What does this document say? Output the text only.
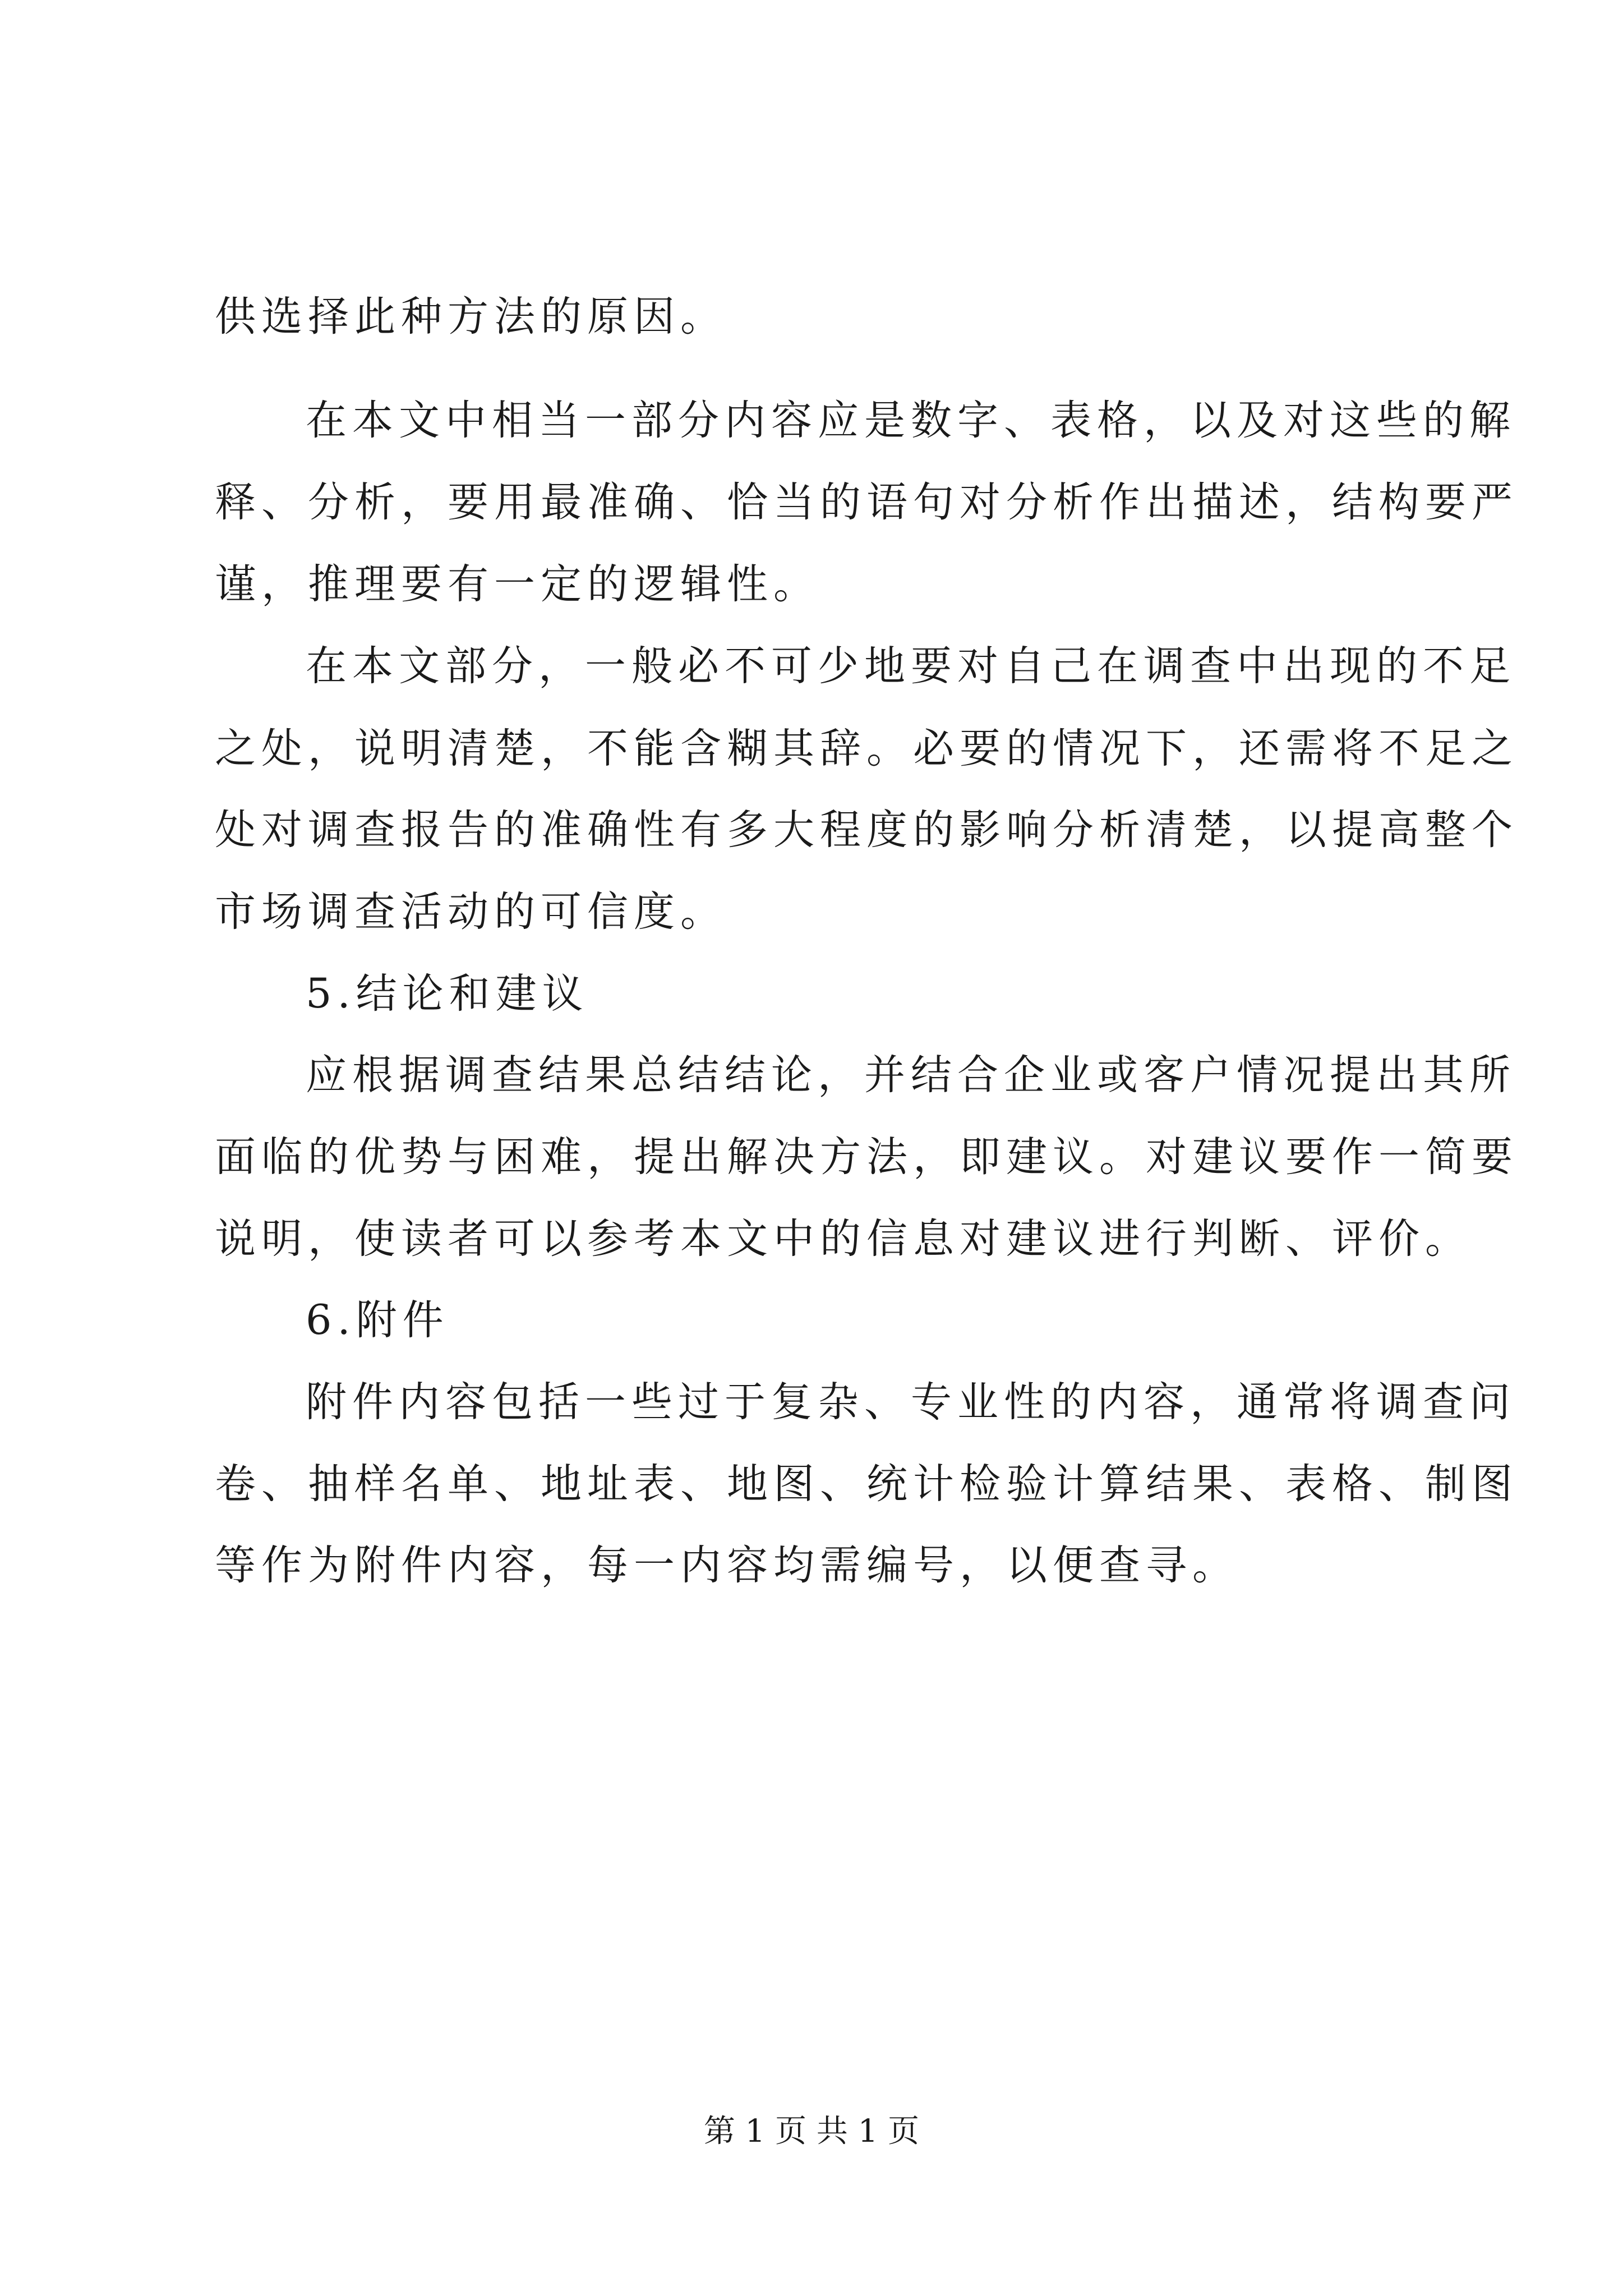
供选择此种方法的原因。
在本文中相当一部分内容应是数字、表格，以及对这些的解
释、分析，要用最准确、恰当的语句对分析作出描述，结构要严
谨，推理要有一定的逻辑性。
在本文部分，一般必不可少地要对自己在调查中出现的不足
之处，说明清楚，不能含糊其辞。必要的情况下，还需将不足之
处对调查报告的准确性有多大程度的影响分析清楚，以提高整个
市场调查活动的可信度。
5.结论和建议
应根据调查结果总结结论，并结合企业或客户情况提出其所
面临的优势与困难，提出解决方法，即建议。对建议要作一简要
说明，使读者可以参考本文中的信息对建议进行判断、评价。
6.附件
附件内容包括一些过于复杂、专业性的内容，通常将调查问
卷、抽样名单、地址表、地图、统计检验计算结果、表格、制图
等作为附件内容，每一内容均需编号，以便查寻。
第 1 页 共 1 页
